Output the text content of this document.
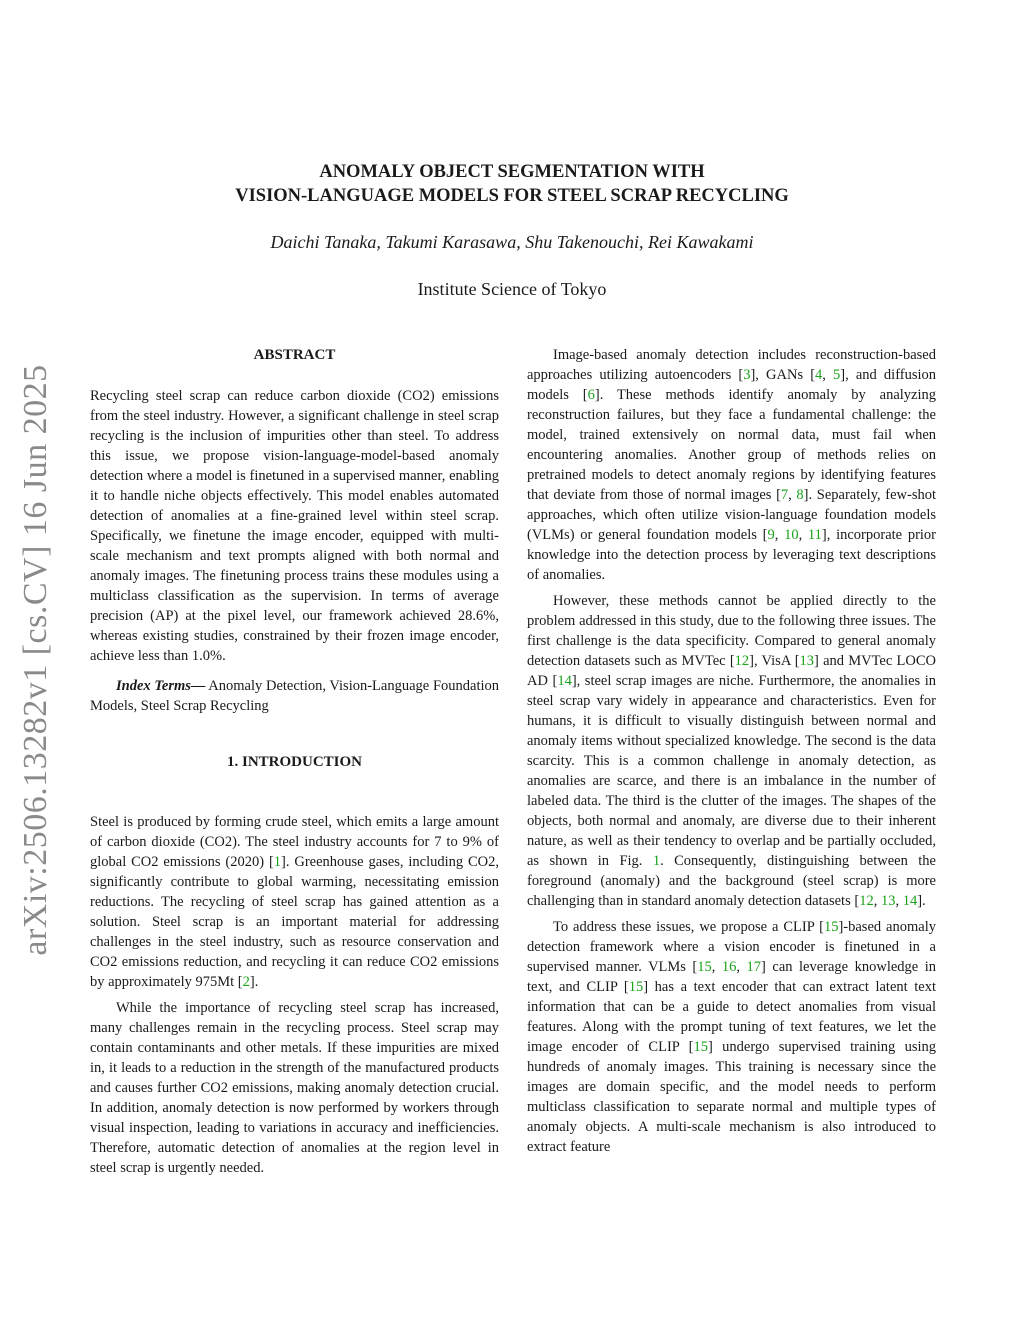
arXiv:2506.13282v1 [cs.CV] 16 Jun 2025
ANOMALY OBJECT SEGMENTATION WITH
VISION-LANGUAGE MODELS FOR STEEL SCRAP RECYCLING
Daichi Tanaka, Takumi Karasawa, Shu Takenouchi, Rei Kawakami
Institute Science of Tokyo
ABSTRACT

Recycling steel scrap can reduce carbon dioxide (CO2) emissions from the steel industry. However, a significant challenge in steel scrap recycling is the inclusion of impurities other than steel. To address this issue, we propose vision-language-model-based anomaly detection where a model is finetuned in a supervised manner, enabling it to handle niche objects effectively. This model enables automated detection of anomalies at a fine-grained level within steel scrap. Specifically, we finetune the image encoder, equipped with multi-scale mechanism and text prompts aligned with both normal and anomaly images. The finetuning process trains these modules using a multiclass classification as the supervision. In terms of average precision (AP) at the pixel level, our framework achieved 28.6%, whereas existing studies, constrained by their frozen image encoder, achieve less than 1.0%.

Index Terms— Anomaly Detection, Vision-Language Foundation Models, Steel Scrap Recycling

1. INTRODUCTION

Steel is produced by forming crude steel, which emits a large amount of carbon dioxide (CO2). The steel industry accounts for 7 to 9% of global CO2 emissions (2020) [1]. Greenhouse gases, including CO2, significantly contribute to global warming, necessitating emission reductions. The recycling of steel scrap has gained attention as a solution. Steel scrap is an important material for addressing challenges in the steel industry, such as resource conservation and CO2 emissions reduction, and recycling it can reduce CO2 emissions by approximately 975Mt [2].

While the importance of recycling steel scrap has increased, many challenges remain in the recycling process. Steel scrap may contain contaminants and other metals. If these impurities are mixed in, it leads to a reduction in the strength of the manufactured products and causes further CO2 emissions, making anomaly detection crucial. In addition, anomaly detection is now performed by workers through visual inspection, leading to variations in accuracy and inefficiencies. Therefore, automatic detection of anomalies at the region level in steel scrap is urgently needed.

Image-based anomaly detection includes reconstruction-based approaches utilizing autoencoders [3], GANs [4, 5], and diffusion models [6]. These methods identify anomaly by analyzing reconstruction failures, but they face a fundamental challenge: the model, trained extensively on normal data, must fail when encountering anomalies. Another group of methods relies on pretrained models to detect anomaly regions by identifying features that deviate from those of normal images [7, 8]. Separately, few-shot approaches, which often utilize vision-language foundation models (VLMs) or general foundation models [9, 10, 11], incorporate prior knowledge into the detection process by leveraging text descriptions of anomalies.

However, these methods cannot be applied directly to the problem addressed in this study, due to the following three issues. The first challenge is the data specificity. Compared to general anomaly detection datasets such as MVTec [12], VisA [13] and MVTec LOCO AD [14], steel scrap images are niche. Furthermore, the anomalies in steel scrap vary widely in appearance and characteristics. Even for humans, it is difficult to visually distinguish between normal and anomaly items without specialized knowledge. The second is the data scarcity. This is a common challenge in anomaly detection, as anomalies are scarce, and there is an imbalance in the number of labeled data. The third is the clutter of the images. The shapes of the objects, both normal and anomaly, are diverse due to their inherent nature, as well as their tendency to overlap and be partially occluded, as shown in Fig. 1. Consequently, distinguishing between the foreground (anomaly) and the background (steel scrap) is more challenging than in standard anomaly detection datasets [12, 13, 14].

To address these issues, we propose a CLIP [15]-based anomaly detection framework where a vision encoder is finetuned in a supervised manner. VLMs [15, 16, 17] can leverage knowledge in text, and CLIP [15] has a text encoder that can extract latent text information that can be a guide to detect anomalies from visual features. Along with the prompt tuning of text features, we let the image encoder of CLIP [15] undergo supervised training using hundreds of anomaly images. This training is necessary since the images are domain specific, and the model needs to perform multiclass classification to separate normal and multiple types of anomaly objects. A multi-scale mechanism is also introduced to extract feature
